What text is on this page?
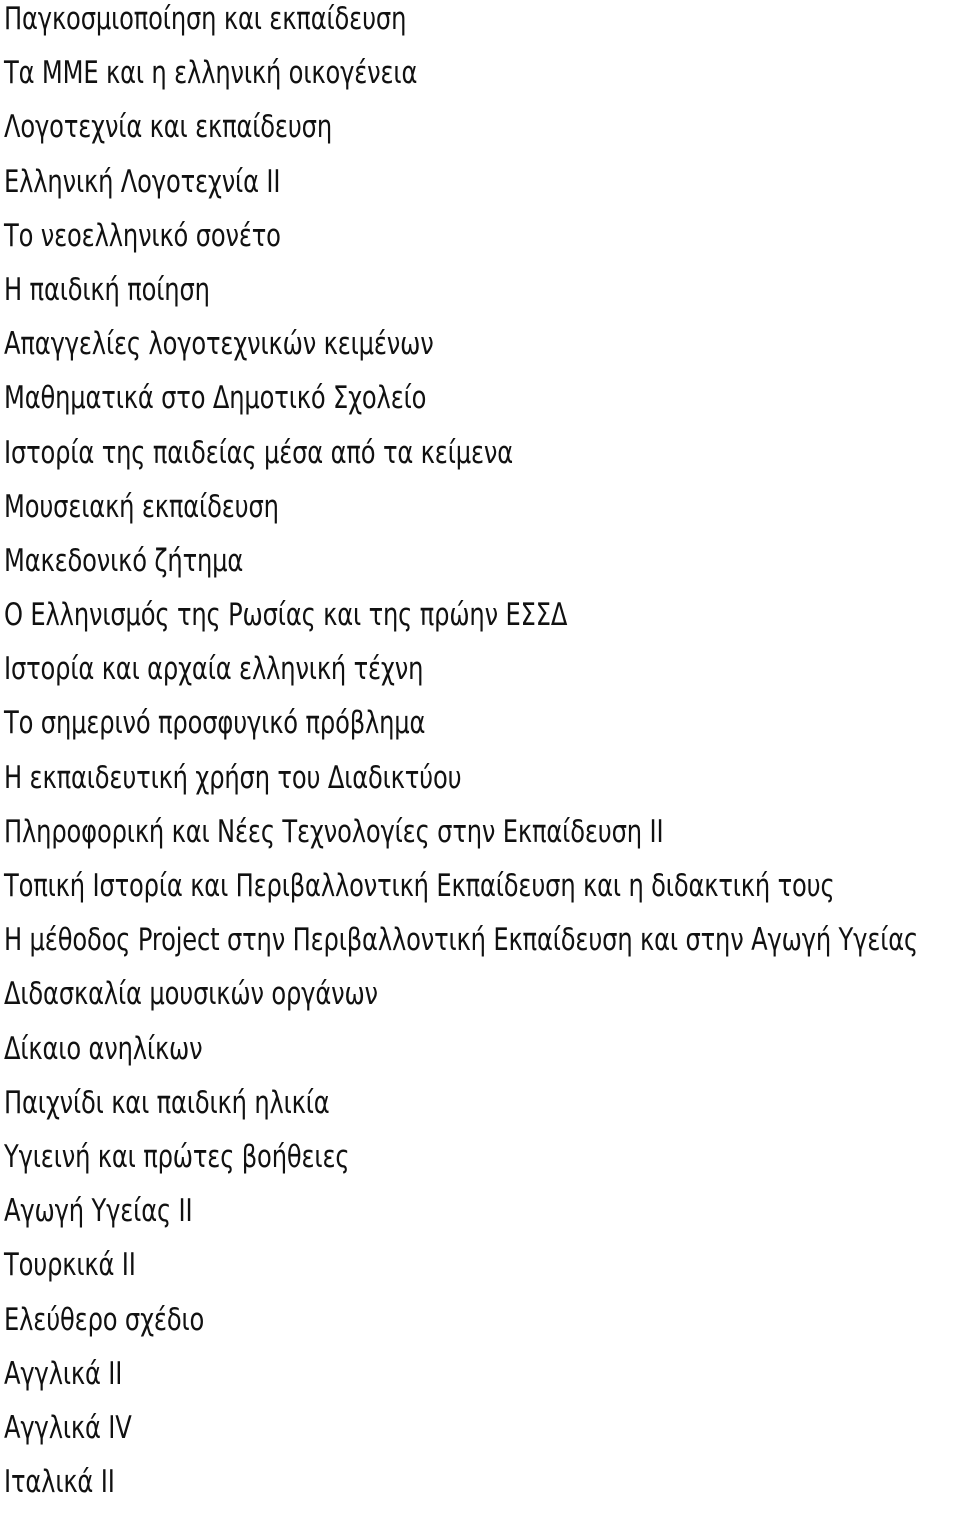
Παγκοσμιοποίηση και εκπαίδευση
Τα ΜΜΕ και η ελληνική οικογένεια
Λογοτεχνία και εκπαίδευση
Ελληνική Λογοτεχνία ΙΙ
Το νεοελληνικό σονέτο
Η παιδική ποίηση
Απαγγελίες λογοτεχνικών κειμένων
Μαθηματικά στο Δημοτικό Σχολείο
Ιστορία της παιδείας μέσα από τα κείμενα
Μουσειακή εκπαίδευση
Μακεδονικό ζήτημα
Ο Ελληνισμός της Ρωσίας και της πρώην ΕΣΣΔ
Ιστορία και αρχαία ελληνική τέχνη
Το σημερινό προσφυγικό πρόβλημα
Η εκπαιδευτική χρήση του Διαδικτύου
Πληροφορική και Νέες Τεχνολογίες στην Εκπαίδευση ΙΙ
Τοπική Ιστορία και Περιβαλλοντική Εκπαίδευση και η διδακτική τους
Η μέθοδος Project στην Περιβαλλοντική Εκπαίδευση και στην Αγωγή Υγείας
Διδασκαλία μουσικών οργάνων
Δίκαιο ανηλίκων
Παιχνίδι και παιδική ηλικία
Υγιεινή και πρώτες βοήθειες
Αγωγή Υγείας ΙΙ
Τουρκικά ΙΙ
Ελεύθερο σχέδιο
Αγγλικά ΙΙ
Αγγλικά ΙV
Ιταλικά ΙΙ
